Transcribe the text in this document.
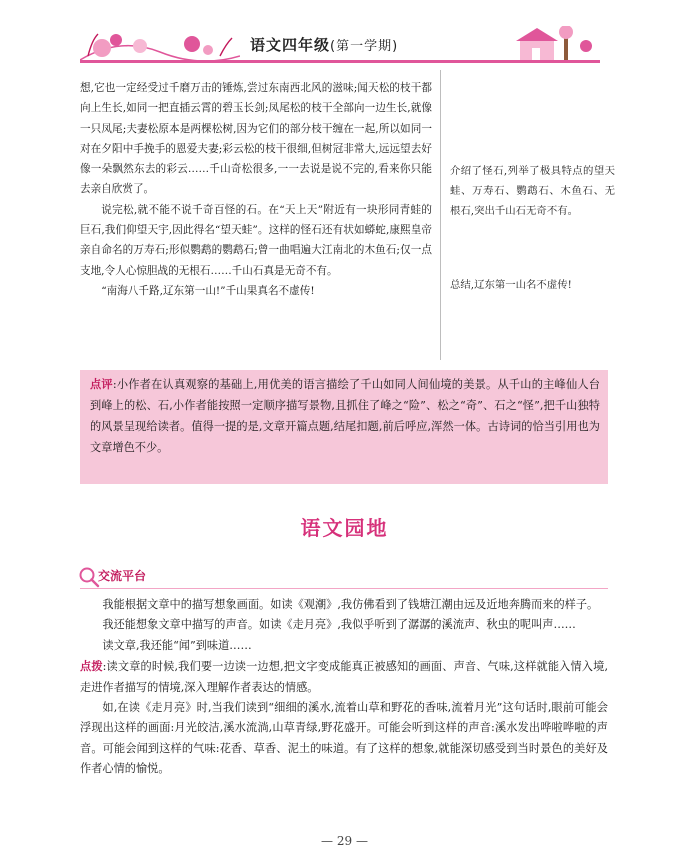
语文四年级(第一学期)

想,它也一定经受过千磨万击的锤炼,尝过东南西北风的滋味;闻天松的枝干都向上生长,如同一把直插云霄的碧玉长剑;凤尾松的枝干全部向一边生长,就像一只凤尾;夫妻松原本是两棵松树,因为它们的部分枝干缠在一起,所以如同一对在夕阳中手挽手的恩爱夫妻;彩云松的枝干很细,但树冠非常大,远远望去好像一朵飘然东去的彩云……千山奇松很多,一一去说是说不完的,看来你只能去亲自欣赏了。

说完松,就不能不说千奇百怪的石。在“天上天”附近有一块形同青蛙的巨石,我们仰望天宇,因此得名“望天蛙”。这样的怪石还有状如蟒蛇,康熙皇帝亲自命名的万寿石;形似鹦鹉的鹦鹉石;曾一曲唱遍大江南北的木鱼石;仅一点支地,令人心惊胆战的无根石……千山石真是无奇不有。

“南海八千路,辽东第一山!”千山果真名不虚传!

介绍了怪石,列举了极具特点的望天蛙、万寿石、鹦鹉石、木鱼石、无根石,突出千山石无奇不有。

总结,辽东第一山名不虚传!

点评:小作者在认真观察的基础上,用优美的语言描绘了千山如同人间仙境的美景。从千山的主峰仙人台到峰上的松、石,小作者能按照一定顺序描写景物,且抓住了峰之“险”、松之“奇”、石之“怪”,把千山独特的风景呈现给读者。值得一提的是,文章开篇点题,结尾扣题,前后呼应,浑然一体。古诗词的恰当引用也为文章增色不少。
语文园地
交流平台

我能根据文章中的描写想象画面。如读《观潮》,我仿佛看到了钱塘江潮由远及近地奔腾而来的样子。

我还能想象文章中描写的声音。如读《走月亮》,我似乎听到了潺潺的溪流声、秋虫的呢叫声……

读文章,我还能“闻”到味道……

点拨:读文章的时候,我们要一边读一边想,把文字变成能真正被感知的画面、声音、气味,这样就能入情入境,走进作者描写的情境,深入理解作者表达的情感。

如,在读《走月亮》时,当我们读到“细细的溪水,流着山草和野花的香味,流着月光”这句话时,眼前可能会浮现出这样的画面:月光皎洁,溪水流淌,山草青绿,野花盛开。可能会听到这样的声音:溪水发出哗啦哗啦的声音。可能会闻到这样的气味:花香、草香、泥土的味道。有了这样的想象,就能深切感受到当时景色的美好及作者心情的愉悦。

— 29 —
